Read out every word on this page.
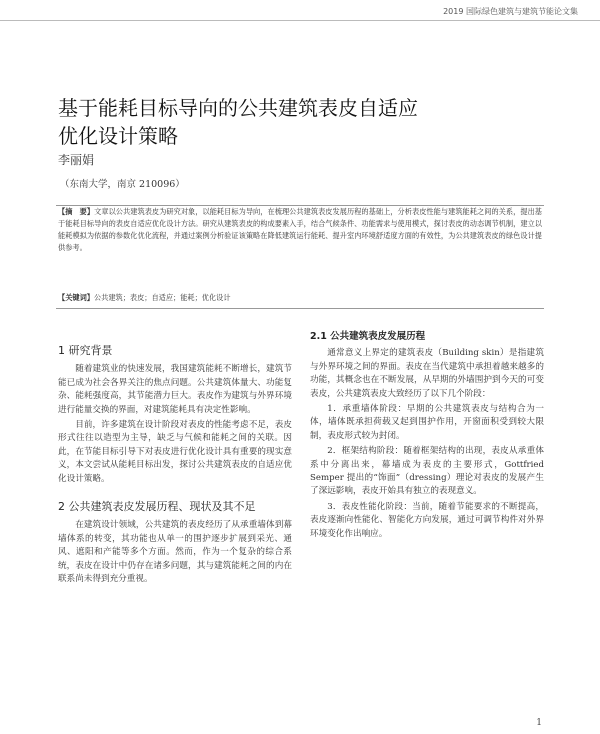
2019 国际绿色建筑与建筑节能论文集
基于能耗目标导向的公共建筑表皮自适应
优化设计策略
李丽娟
（东南大学，南京 210096）
【摘　要】文章以公共建筑表皮为研究对象，以能耗目标为导向，在梳理公共建筑表皮发展历程的基础上，分析表皮性能与建筑能耗之间的关系，提出基于能耗目标导向的表皮自适应优化设计方法。研究从建筑表皮的构成要素入手，结合气候条件、功能需求与使用模式，探讨表皮的动态调节机制，建立以能耗模拟为依据的参数化优化流程，并通过案例分析验证该策略在降低建筑运行能耗、提升室内环境舒适度方面的有效性，为公共建筑表皮的绿色设计提供参考。
【关键词】公共建筑；表皮；自适应；能耗；优化设计
1 研究背景

随着建筑业的快速发展，我国建筑能耗不断增长，建筑节能已成为社会各界关注的焦点问题。公共建筑体量大、功能复杂、能耗强度高，其节能潜力巨大。表皮作为建筑与外界环境进行能量交换的界面，对建筑能耗具有决定性影响。

目前，许多建筑在设计阶段对表皮的性能考虑不足，表皮形式往往以造型为主导，缺乏与气候和能耗之间的关联。因此，在节能目标引导下对表皮进行优化设计具有重要的现实意义，本文尝试从能耗目标出发，探讨公共建筑表皮的自适应优化设计策略。

2 公共建筑表皮发展历程、现状及其不足

在建筑设计领域，公共建筑的表皮经历了从承重墙体到幕墙体系的转变，其功能也从单一的围护逐步扩展到采光、通风、遮阳和产能等多个方面。然而，作为一个复杂的综合系统，表皮在设计中仍存在诸多问题，其与建筑能耗之间的内在联系尚未得到充分重视。

2.1 公共建筑表皮发展历程

通常意义上界定的建筑表皮（Building skin）是指建筑与外界环境之间的界面。表皮在当代建筑中承担着越来越多的功能，其概念也在不断发展，从早期的外墙围护到今天的可变表皮，公共建筑表皮大致经历了以下几个阶段：

1．承重墙体阶段：早期的公共建筑表皮与结构合为一体，墙体既承担荷载又起到围护作用，开窗面积受到较大限制，表皮形式较为封闭。

2．框架结构阶段：随着框架结构的出现，表皮从承重体系中分离出来，幕墙成为表皮的主要形式，Gottfried Semper 提出的“饰面”（dressing）理论对表皮的发展产生了深远影响，表皮开始具有独立的表现意义。

3．表皮性能化阶段：当前，随着节能要求的不断提高，表皮逐渐向性能化、智能化方向发展，通过可调节构件对外界环境变化作出响应。

1
